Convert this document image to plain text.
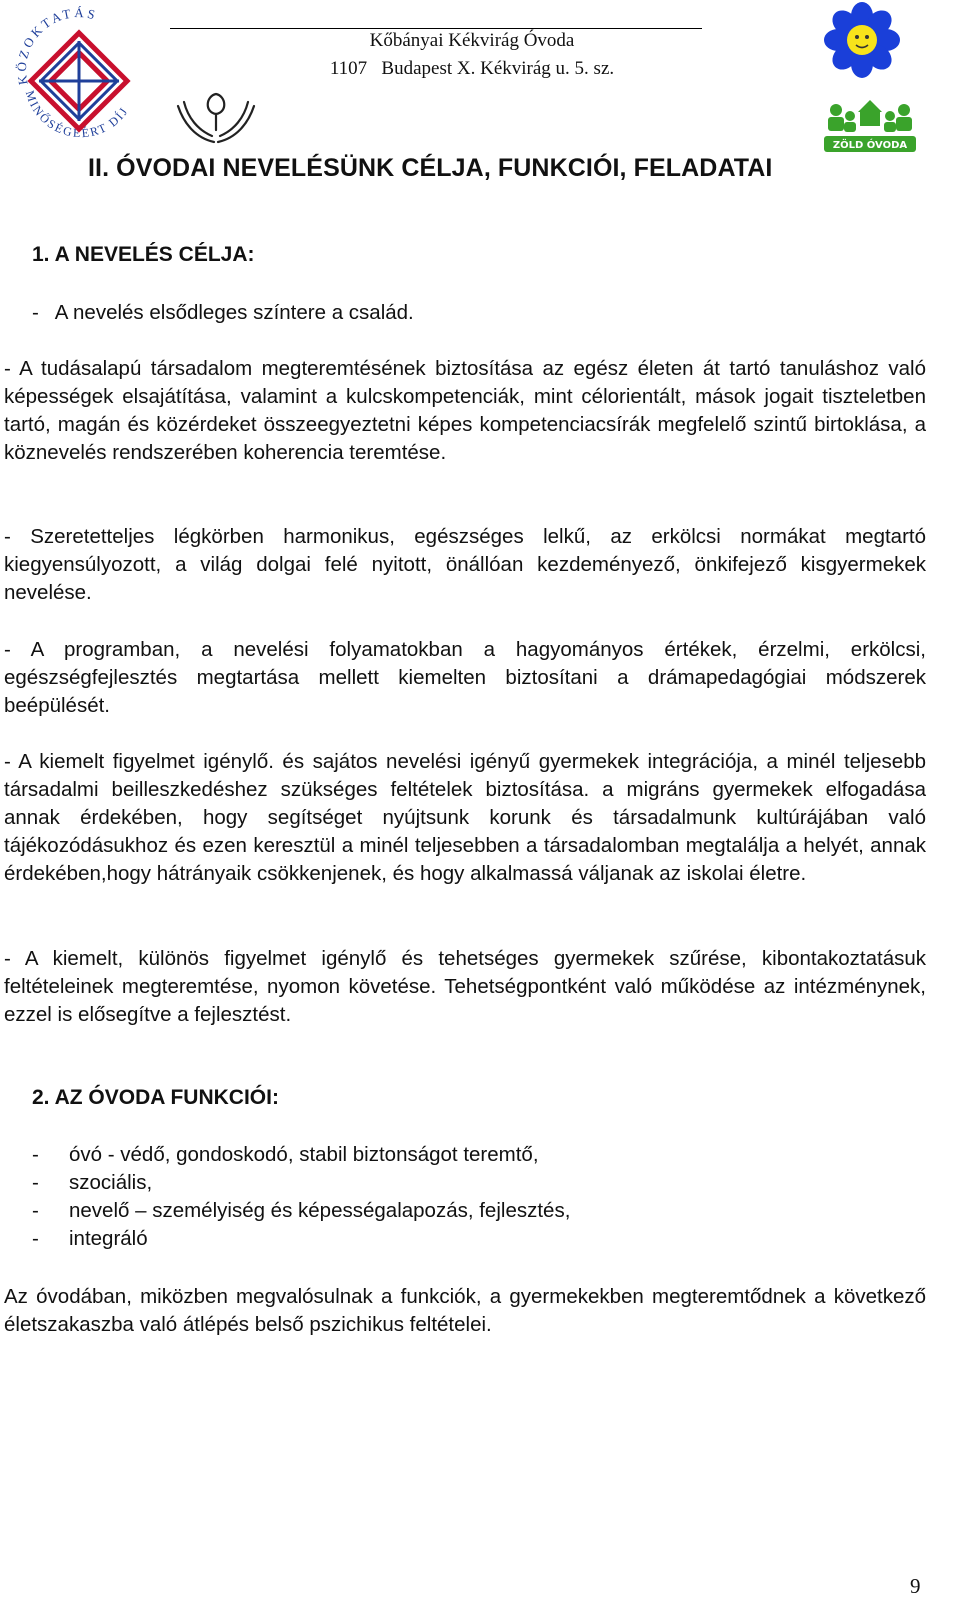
KÖZOKTATÁS
MINŐSÉGÉÉRT DÍJ
Kőbányai Kékvirág Óvoda
1107   Budapest X. Kékvirág u. 5. sz.
ZÖLD ÓVODA
II. ÓVODAI NEVELÉSÜNK CÉLJA, FUNKCIÓI, FELADATAI
1. A NEVELÉS CÉLJA:
-   A nevelés elsődleges színtere a család.
- A tudásalapú társadalom megteremtésének biztosítása az egész életen át tartó tanuláshoz való képességek elsajátítása, valamint a kulcskompetenciák, mint célorientált, mások jogait tiszteletben tartó, magán és közérdeket összeegyeztetni képes kompetenciacsírák megfelelő szintű birtoklása, a köznevelés rendszerében koherencia teremtése.
- Szeretetteljes légkörben harmonikus, egészséges lelkű, az erkölcsi normákat megtartó kiegyensúlyozott, a világ dolgai felé nyitott, önállóan kezdeményező, önkifejező kisgyermekek nevelése.
- A programban, a nevelési folyamatokban a hagyományos értékek, érzelmi, erkölcsi, egészségfejlesztés megtartása mellett kiemelten biztosítani a drámapedagógiai módszerek beépülését.
- A kiemelt figyelmet igénylő. és sajátos nevelési igényű gyermekek integrációja, a minél teljesebb társadalmi beilleszkedéshez szükséges feltételek biztosítása. a migráns gyermekek elfogadása annak érdekében, hogy segítséget nyújtsunk korunk és társadalmunk kultúrájában való tájékozódásukhoz és ezen keresztül a minél teljesebben a társadalomban megtalálja a helyét, annak érdekében,hogy hátrányaik csökkenjenek, és hogy alkalmassá váljanak az iskolai életre.
- A kiemelt, különös figyelmet igénylő és tehetséges gyermekek szűrése, kibontakoztatásuk feltételeinek megteremtése, nyomon követése. Tehetségpontként való működése az intézménynek, ezzel is elősegítve a fejlesztést.
2. AZ ÓVODA FUNKCIÓI:
- óvó - védő, gondoskodó, stabil biztonságot teremtő,
- szociális,
- nevelő – személyiség és képességalapozás, fejlesztés,
- integráló
Az óvodában, miközben megvalósulnak a funkciók, a gyermekekben megteremtődnek a következő életszakaszba való átlépés belső pszichikus feltételei.
9
